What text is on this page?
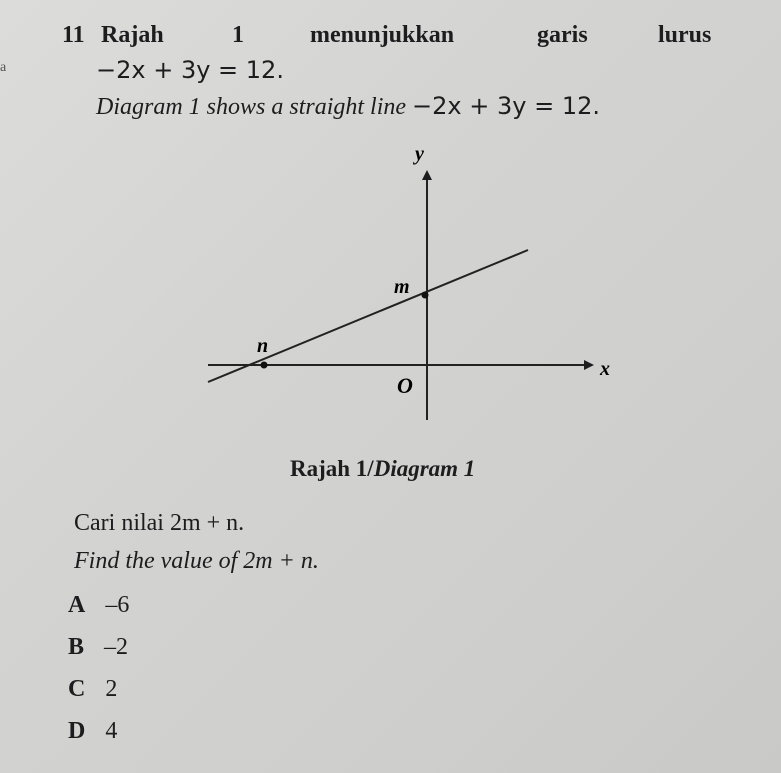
11 Rajah	1	menunjukkan	garis	lurus
a	−2x + 3y = 12.
Diagram 1 shows a straight line −2x + 3y = 12.
y
x
O
m
n
Rajah 1/Diagram 1
Cari nilai 2m + n.
Find the value of 2m + n.
A –6
B –2
C 2
D 4
